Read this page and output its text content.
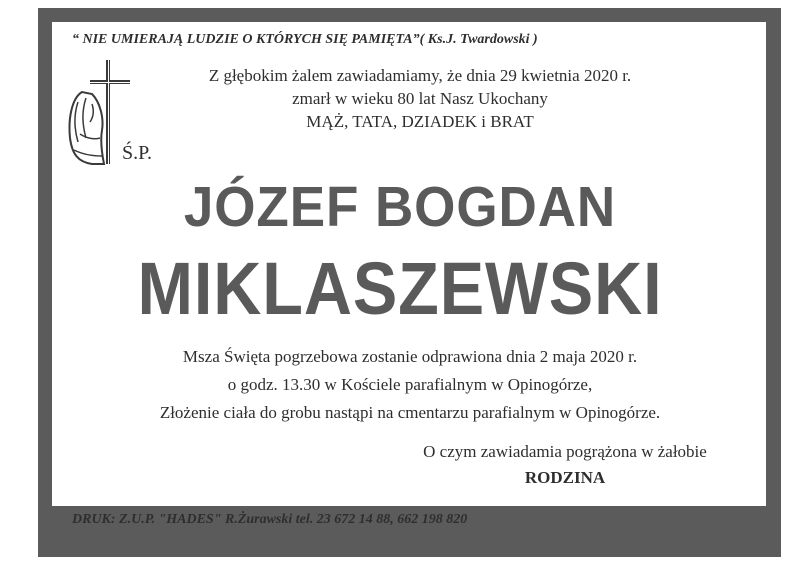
“ NIE UMIERAJĄ LUDZIE O KTÓRYCH SIĘ PAMIĘTA”( Ks.J. Twardowski )
Z głębokim żalem zawiadamiamy, że dnia 29 kwietnia 2020 r.
zmarł w wieku 80 lat Nasz Ukochany
MĄŻ, TATA, DZIADEK i BRAT
Ś.P.
JÓZEF BOGDAN
MIKLASZEWSKI
Msza Święta pogrzebowa zostanie odprawiona dnia 2 maja 2020 r.
o godz. 13.30 w Kościele parafialnym w Opinogórze,
Złożenie ciała do grobu nastąpi na cmentarzu parafialnym w Opinogórze.
O czym zawiadamia pogrążona w żałobie
RODZINA
DRUK: Z.U.P. "HADES" R.Żurawski tel. 23 672 14 88, 662 198 820
